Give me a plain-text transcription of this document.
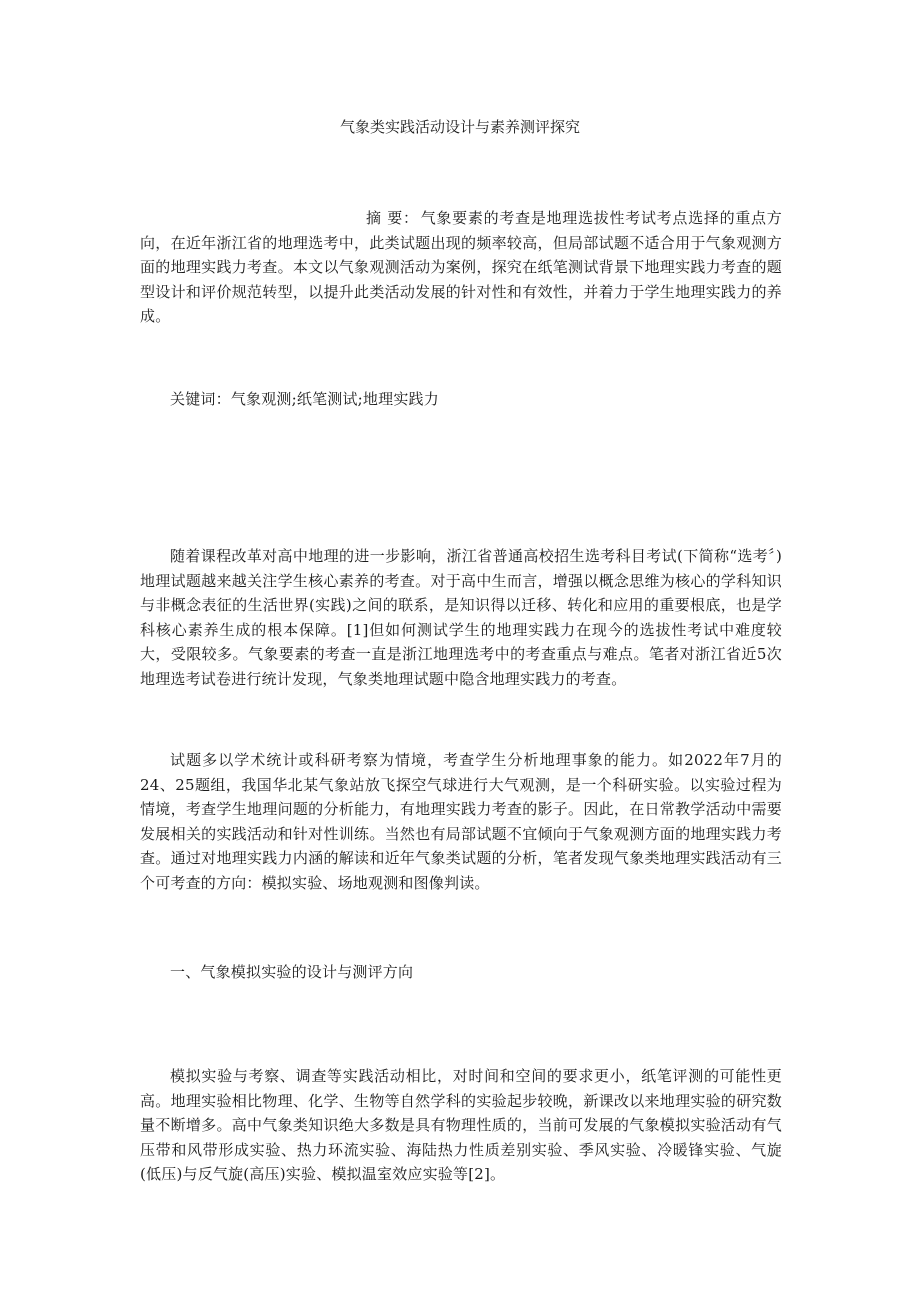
气象类实践活动设计与素养测评探究
摘 要： 气象要素的考查是地理选拔性考试考点选择的重点方向，在近年浙江省的地理选考中，此类试题出现的频率较高，但局部试题不适合用于气象观测方面的地理实践力考查。本文以气象观测活动为案例，探究在纸笔测试背景下地理实践力考查的题型设计和评价规范转型，以提升此类活动发展的针对性和有效性，并着力于学生地理实践力的养成。
关键词：气象观测;纸笔测试;地理实践力
随着课程改革对高中地理的进一步影响，浙江省普通高校招生选考科目考试(下简称“选考〞)地理试题越来越关注学生核心素养的考查。对于高中生而言，增强以概念思维为核心的学科知识与非概念表征的生活世界(实践)之间的联系，是知识得以迁移、转化和应用的重要根底，也是学科核心素养生成的根本保障。[1]但如何测试学生的地理实践力在现今的选拔性考试中难度较大，受限较多。气象要素的考查一直是浙江地理选考中的考查重点与难点。笔者对浙江省近5次地理选考试卷进行统计发现，气象类地理试题中隐含地理实践力的考查。
试题多以学术统计或科研考察为情境，考查学生分析地理事象的能力。如2022年7月的24、25题组，我国华北某气象站放飞探空气球进行大气观测，是一个科研实验。以实验过程为情境，考查学生地理问题的分析能力，有地理实践力考查的影子。因此，在日常教学活动中需要发展相关的实践活动和针对性训练。当然也有局部试题不宜倾向于气象观测方面的地理实践力考查。通过对地理实践力内涵的解读和近年气象类试题的分析，笔者发现气象类地理实践活动有三个可考查的方向：模拟实验、场地观测和图像判读。
一、气象模拟实验的设计与测评方向
模拟实验与考察、调查等实践活动相比，对时间和空间的要求更小，纸笔评测的可能性更高。地理实验相比物理、化学、生物等自然学科的实验起步较晚，新课改以来地理实验的研究数量不断增多。高中气象类知识绝大多数是具有物理性质的，当前可发展的气象模拟实验活动有气压带和风带形成实验、热力环流实验、海陆热力性质差别实验、季风实验、冷暖锋实验、气旋(低压)与反气旋(高压)实验、模拟温室效应实验等[2]。
